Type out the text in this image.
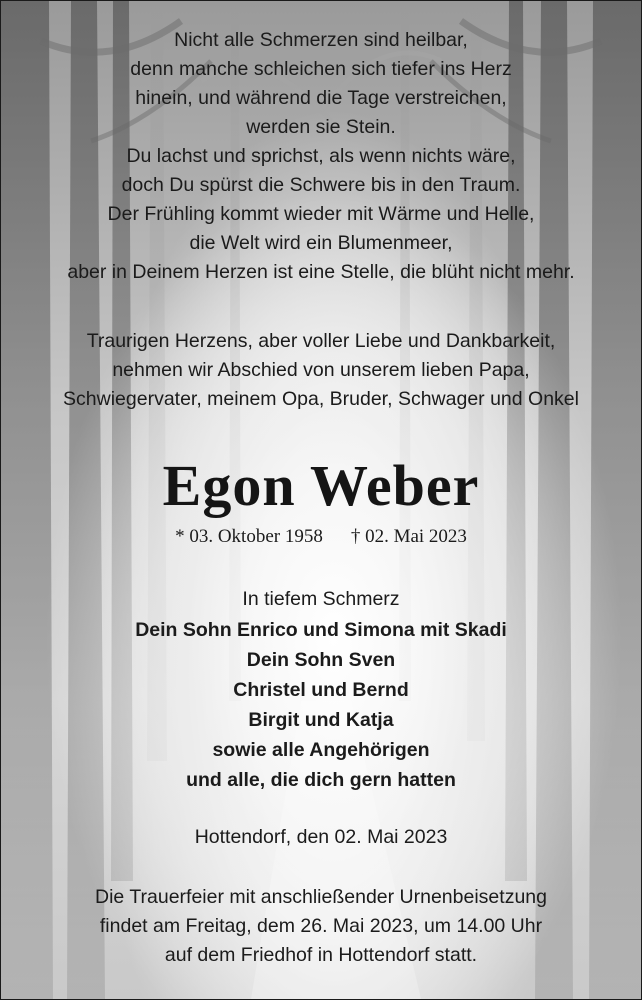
Nicht alle Schmerzen sind heilbar,
denn manche schleichen sich tiefer ins Herz
hinein, und während die Tage verstreichen,
werden sie Stein.
Du lachst und sprichst, als wenn nichts wäre,
doch Du spürst die Schwere bis in den Traum.
Der Frühling kommt wieder mit Wärme und Helle,
die Welt wird ein Blumenmeer,
aber in Deinem Herzen ist eine Stelle, die blüht nicht mehr.
Traurigen Herzens, aber voller Liebe und Dankbarkeit,
nehmen wir Abschied von unserem lieben Papa,
Schwiegervater, meinem Opa, Bruder, Schwager und Onkel
Egon Weber
* 03. Oktober 1958 † 02. Mai 2023
In tiefem Schmerz
Dein Sohn Enrico und Simona mit Skadi
Dein Sohn Sven
Christel und Bernd
Birgit und Katja
sowie alle Angehörigen
und alle, die dich gern hatten
Hottendorf, den 02. Mai 2023
Die Trauerfeier mit anschließender Urnenbeisetzung
findet am Freitag, dem 26. Mai 2023, um 14.00 Uhr
auf dem Friedhof in Hottendorf statt.
